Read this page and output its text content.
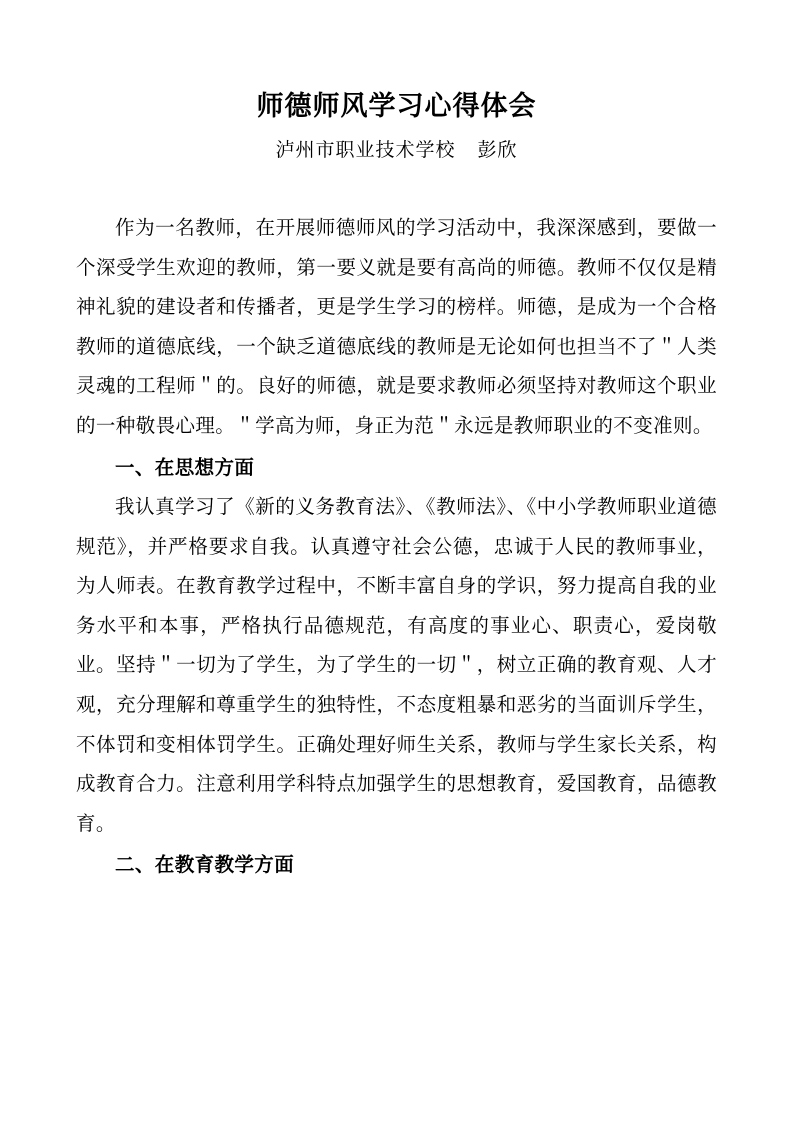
师德师风学习心得体会
泸州市职业技术学校 彭欣

作为一名教师，在开展师德师风的学习活动中，我深深感到，要做一个深受学生欢迎的教师，第一要义就是要有高尚的师德。教师不仅仅是精神礼貌的建设者和传播者，更是学生学习的榜样。师德，是成为一个合格教师的道德底线，一个缺乏道德底线的教师是无论如何也担当不了＂人类灵魂的工程师＂的。良好的师德，就是要求教师必须坚持对教师这个职业的一种敬畏心理。＂学高为师，身正为范＂永远是教师职业的不变准则。

一、在思想方面

我认真学习了《新的义务教育法》、《教师法》、《中小学教师职业道德规范》，并严格要求自我。认真遵守社会公德，忠诚于人民的教师事业，为人师表。在教育教学过程中，不断丰富自身的学识，努力提高自我的业务水平和本事，严格执行品德规范，有高度的事业心、职责心，爱岗敬业。坚持＂一切为了学生，为了学生的一切＂，树立正确的教育观、人才观，充分理解和尊重学生的独特性，不态度粗暴和恶劣的当面训斥学生，不体罚和变相体罚学生。正确处理好师生关系，教师与学生家长关系，构成教育合力。注意利用学科特点加强学生的思想教育，爱国教育，品德教育。

二、在教育教学方面
